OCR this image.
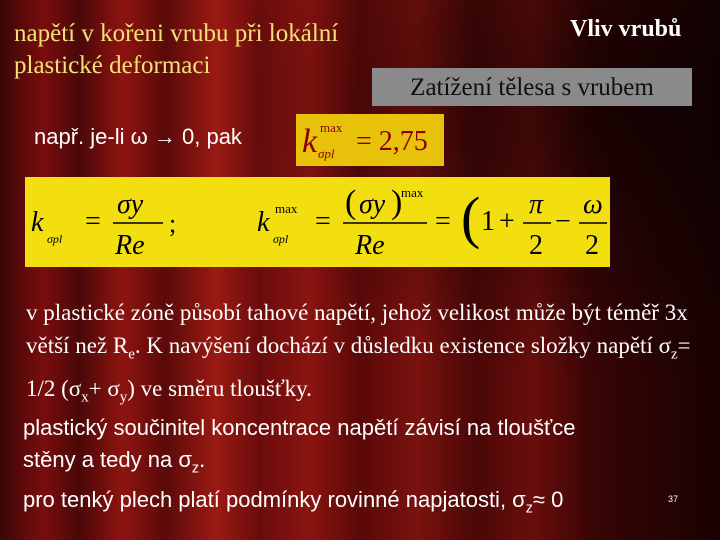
napětí v kořeni vrubu při lokální
plastické deformaci
Vliv vrubů
Zatížení tělesa s vrubem
např. je-li ω → 0, pak k max
σpl = 2,75
k
σpl
=
σy
Re
;	k max
σpl
=
( σy )
max
Re
= ( 1 +
π
2
−
ω
2
v plastické zóně působí tahové napětí, jehož velikost může být téměř 3x větší než $R_e$. K navýšení dochází v důsledku existence složky napětí $\sigma_z= 1/2$ $(\sigma_x+ \sigma_y)$ ve směru tloušťky.
plastický součinitel koncentrace napětí závisí na tloušťce
stěny a tedy na $\sigma_z$.
pro tenký plech platí podmínky rovinné napjatosti, $\sigma_z\approx 0$	37
